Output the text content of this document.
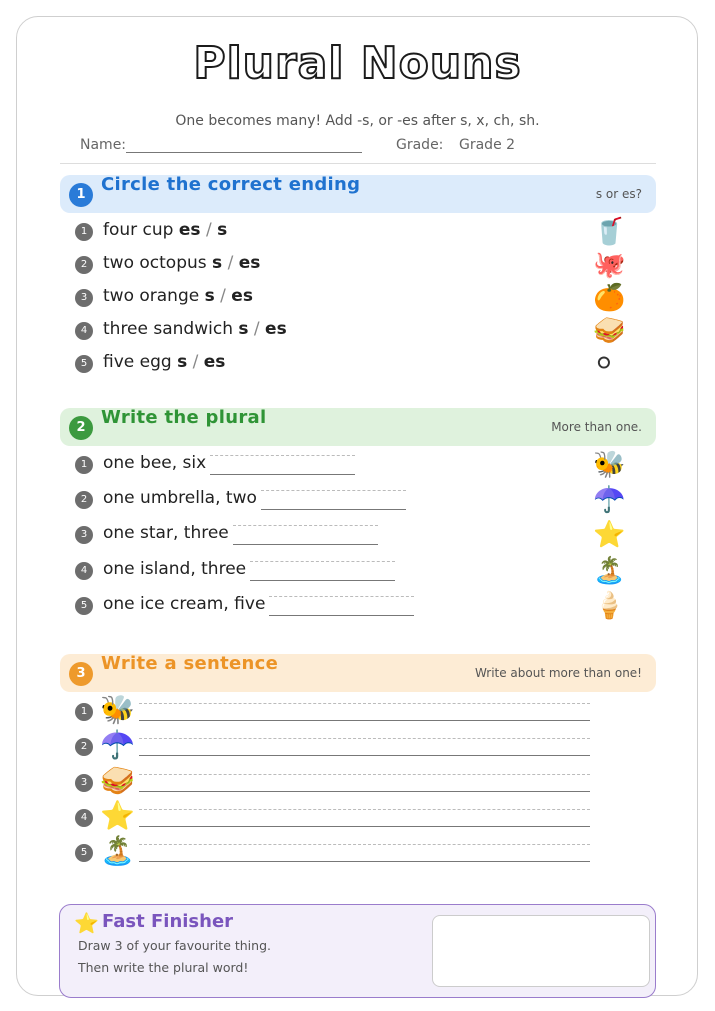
Plural Nouns
One becomes many! Add -s, or -es after s, x, ch, sh.
Name:	Grade: Grade 2
1 Circle the correct ending	s or es?
1 four cup es / s	🥤
2 two octopus s / es	🐙
3 two orange s / es	🍊
4 three sandwich s / es	🥪
5 five egg s / es	⚪
2 Write the plural	More than one.
1 one bee, six	🐝
2 one umbrella, two	☂️
3 one star, three	⭐
4 one island, three	🏝️
5 one ice cream, five	🍦
3 Write a sentence	Write about more than one!
1 🐝
2 ☂️
3 🥪
4 ⭐
5 🏝️
⭐ Fast Finisher
Draw 3 of your favourite thing.
Then write the plural word!
